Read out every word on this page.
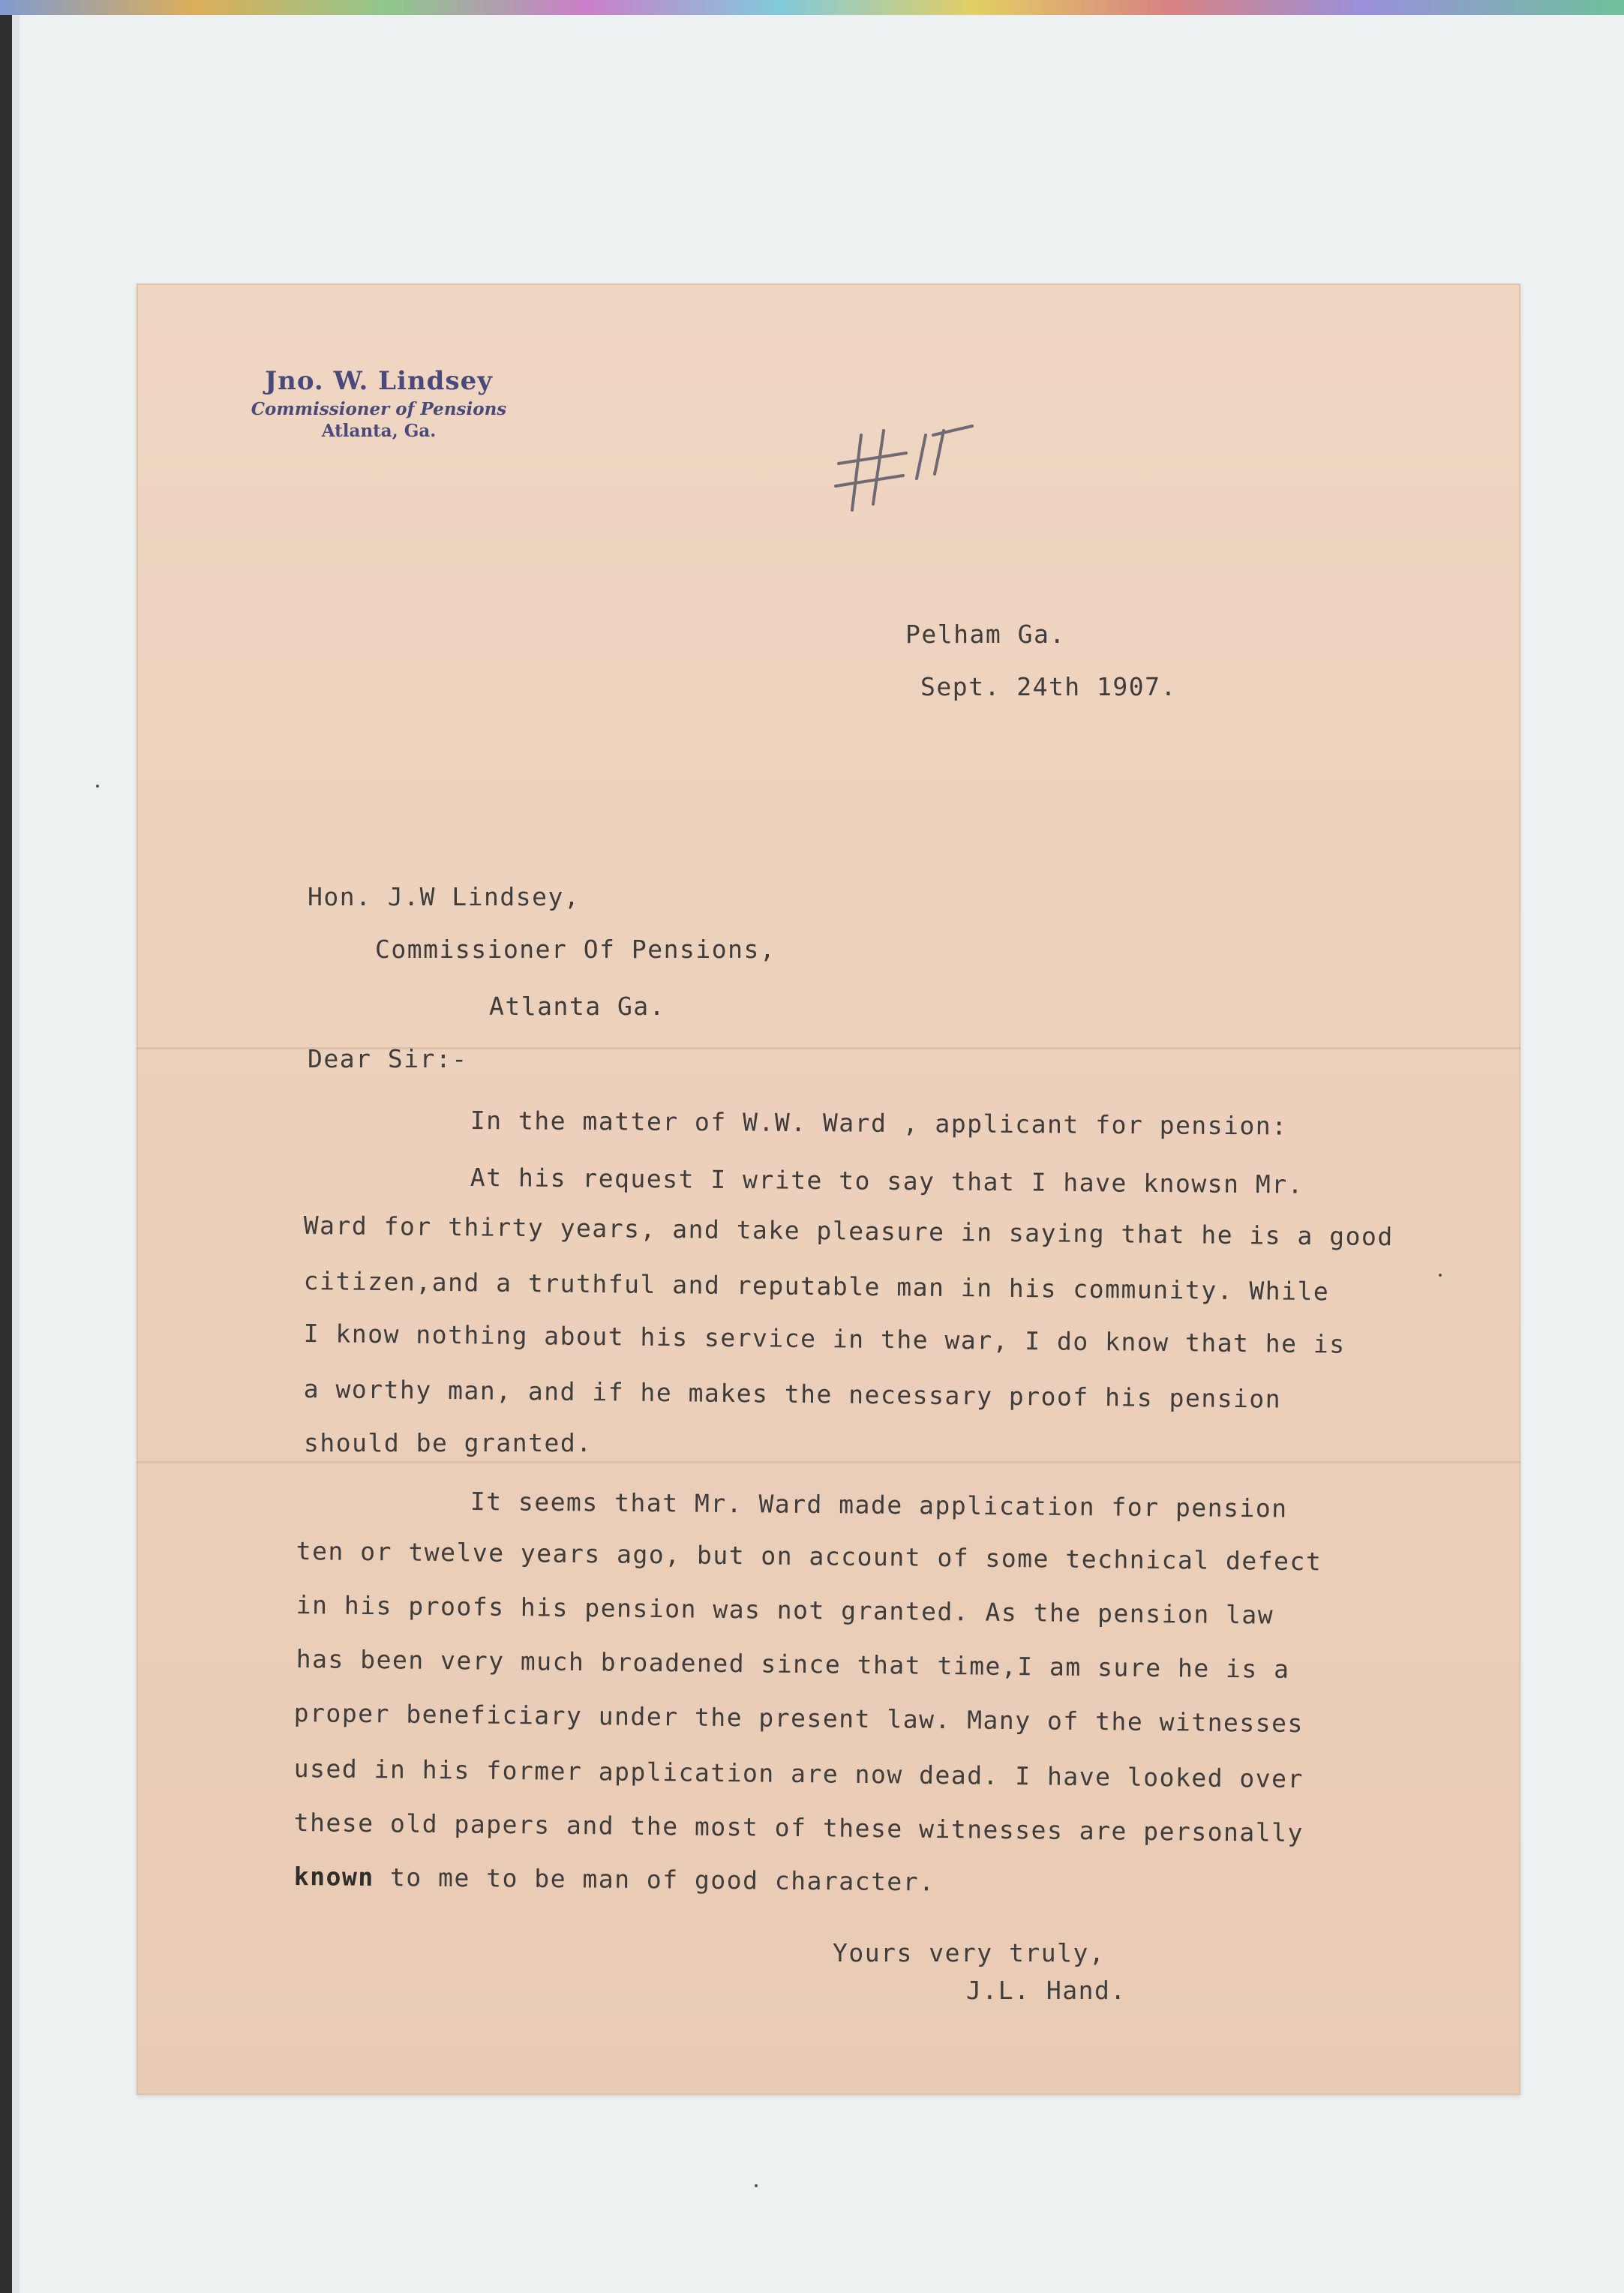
Jno. W. Lindsey
Commissioner of Pensions
Atlanta, Ga.
Pelham Ga.
Sept. 24th 1907.
Hon. J.W Lindsey,
Commissioner Of Pensions,
Atlanta Ga.
Dear Sir:-
In the matter of W.W. Ward , applicant for pension:
At his request I write to say that I have knowsn Mr.
Ward for thirty years, and take pleasure in saying that he is a good
citizen,and a truthful and reputable man in his community. While
I know nothing about his service in the war, I do know that he is
a worthy man, and if he makes the necessary proof his pension
should be granted.
It seems that Mr. Ward made application for pension
ten or twelve years ago, but on account of some technical defect
in his proofs his pension was not granted. As the pension law
has been very much broadened since that time,I am sure he is a
proper beneficiary under the present law. Many of the witnesses
used in his former application are now dead. I have looked over
these old papers and the most of these witnesses are personally
known to me to be man of good character.
Yours very truly,
J.L. Hand.
